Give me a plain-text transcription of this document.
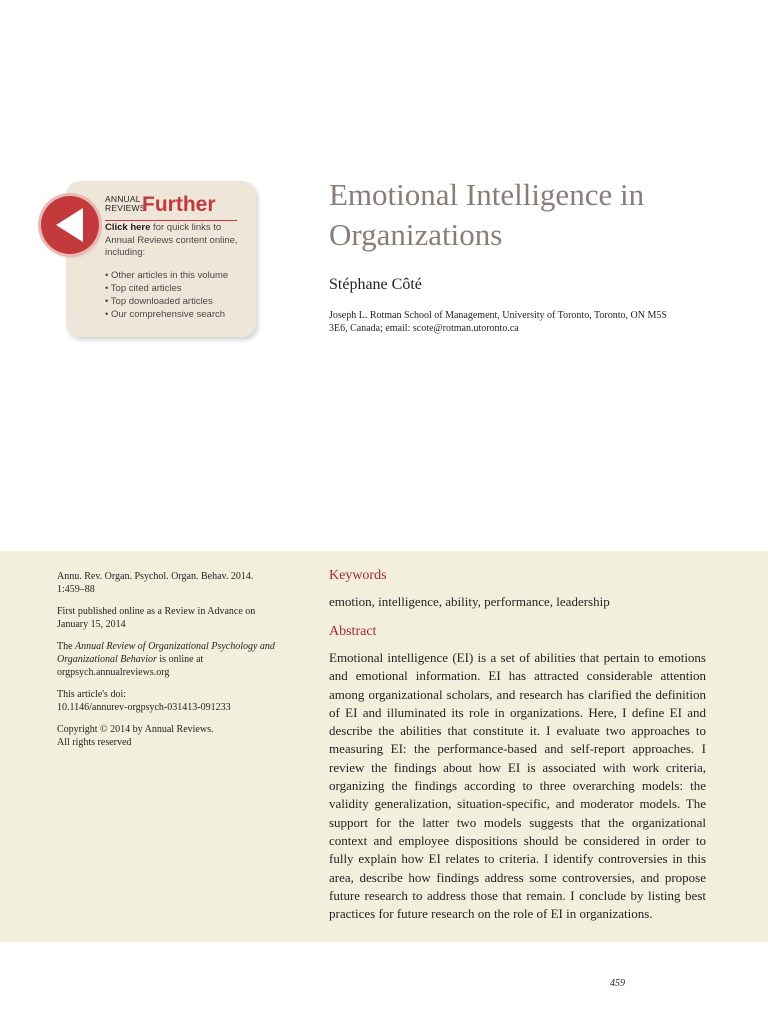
ANNUAL
REVIEWS
Further
Click here for quick links to Annual Reviews content online, including:
• Other articles in this volume
• Top cited articles
• Top downloaded articles
• Our comprehensive search
Emotional Intelligence in Organizations

Stéphane Côté

Joseph L. Rotman School of Management, University of Toronto, Toronto, ON M5S 3E6, Canada; email: scote@rotman.utoronto.ca

Annu. Rev. Organ. Psychol. Organ. Behav. 2014. 1:459–88

First published online as a Review in Advance on January 15, 2014

The Annual Review of Organizational Psychology and Organizational Behavior is online at orgpsych.annualreviews.org

This article's doi:
10.1146/annurev-orgpsych-031413-091233

Copyright © 2014 by Annual Reviews.
All rights reserved

Keywords

emotion, intelligence, ability, performance, leadership

Abstract

Emotional intelligence (EI) is a set of abilities that pertain to emotions and emotional information. EI has attracted considerable attention among organizational scholars, and research has clarified the definition of EI and illuminated its role in organizations. Here, I define EI and describe the abilities that constitute it. I evaluate two approaches to measuring EI: the performance-based and self-report approaches. I review the findings about how EI is associated with work criteria, organizing the findings according to three overarching models: the validity generalization, situation-specific, and moderator models. The support for the latter two models suggests that the organizational context and employee dispositions should be considered in order to fully explain how EI relates to criteria. I identify controversies in this area, describe how findings address some controversies, and propose future research to address those that remain. I conclude by listing best practices for future research on the role of EI in organizations.

459
